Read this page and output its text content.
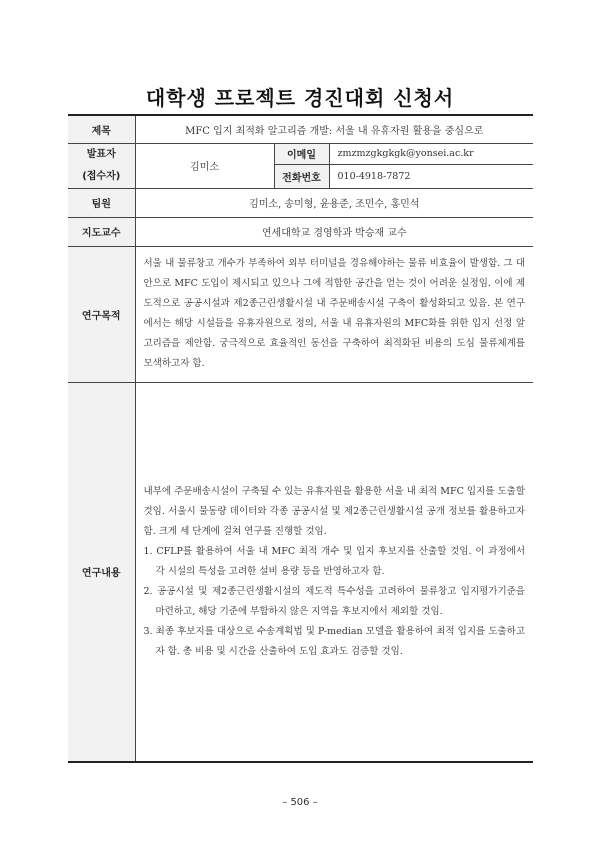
대학생 프로젝트 경진대회 신청서
제목	MFC 입지 최적화 알고리즘 개발: 서울 내 유휴자원 활용을 중심으로		

발표자
(접수자)	김미소	이메일	zmzmzgkgkgk@yonsei.ac.kr
		전화번호	010-4918-7872
팀원	김미소, 송미형, 윤용준, 조민수, 홍민석		
지도교수	연세대학교 경영학과 박승재 교수		
연구목적	서울 내 물류창고 개수가 부족하여 외부 터미널을 경유해야하는 물류 비효율이 발생함. 그 대안으로 MFC 도입이 제시되고 있으나 그에 적합한 공간을 얻는 것이 어려운 실정임. 이에 제도적으로 공공시설과 제2종근린생활시설 내 주문배송시설 구축이 활성화되고 있음. 본 연구에서는 해당 시설들을 유휴자원으로 정의, 서울 내 유휴자원의 MFC화를 위한 입지 선정 알고리즘을 제안함. 궁극적으로 효율적인 동선을 구축하여 최적화된 비용의 도심 물류체계를 모색하고자 함.		

연구내용	내부에 주문배송시설이 구축될 수 있는 유휴자원을 활용한 서울 내 최적 MFC 입지를 도출할 것임. 서울시 물동량 데이터와 각종 공공시설 및 제2종근린생활시설 공개 정보를 활용하고자 함. 크게 세 단계에 걸쳐 연구를 진행할 것임.

1. CFLP를 활용하여 서울 내 MFC 최적 개수 및 입지 후보지를 산출할 것임. 이 과정에서 각 시설의 특성을 고려한 설비 용량 등을 반영하고자 함.

2. 공공시설 및 제2종근린생활시설의 제도적 특수성을 고려하여 물류창고 입지평가기준을 마련하고, 해당 기준에 부합하지 않은 지역을 후보지에서 제외할 것임.

3. 최종 후보지를 대상으로 수송계획법 및 P-median 모델을 활용하여 최적 입지를 도출하고자 함. 총 비용 및 시간을 산출하여 도입 효과도 검증할 것임.		

– 506 –
